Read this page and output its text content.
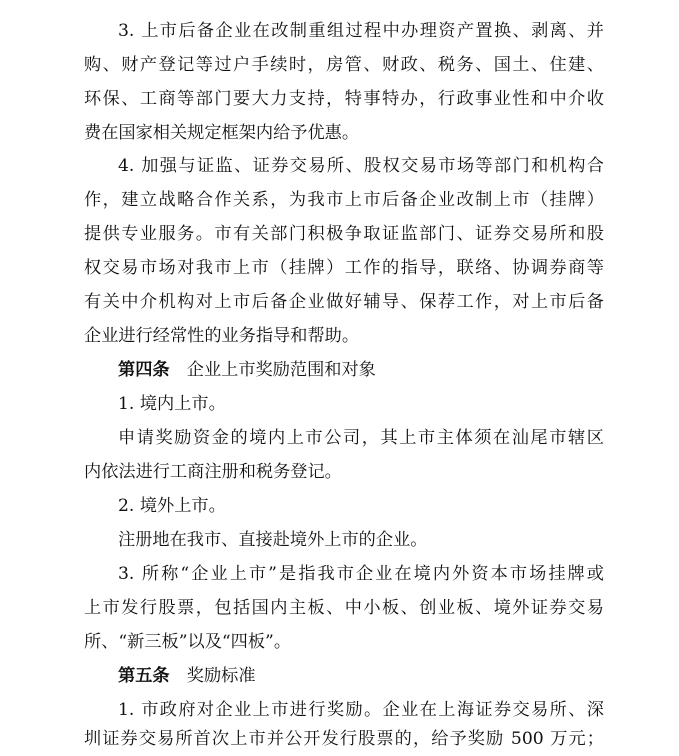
3. 上市后备企业在改制重组过程中办理资产置换、剥离、并
购、财产登记等过户手续时，房管、财政、税务、国土、住建、
环保、工商等部门要大力支持，特事特办，行政事业性和中介收
费在国家相关规定框架内给予优惠。
4. 加强与证监、证券交易所、股权交易市场等部门和机构合
作，建立战略合作关系，为我市上市后备企业改制上市（挂牌）
提供专业服务。市有关部门积极争取证监部门、证券交易所和股
权交易市场对我市上市（挂牌）工作的指导，联络、协调券商等
有关中介机构对上市后备企业做好辅导、保荐工作，对上市后备
企业进行经常性的业务指导和帮助。
第四条　 企业上市奖励范围和对象
1. 境内上市。
申请奖励资金的境内上市公司，其上市主体须在汕尾市辖区
内依法进行工商注册和税务登记。
2. 境外上市。
注册地在我市、直接赴境外上市的企业。
3. 所称“企业上市”是指我市企业在境内外资本市场挂牌或
上市发行股票，包括国内主板、中小板、创业板、境外证券交易
所、“新三板”以及“四板”。
第五条　 奖励标准
1. 市政府对企业上市进行奖励。企业在上海证券交易所、深
圳证券交易所首次上市并公开发行股票的，给予奖励 500 万元；
